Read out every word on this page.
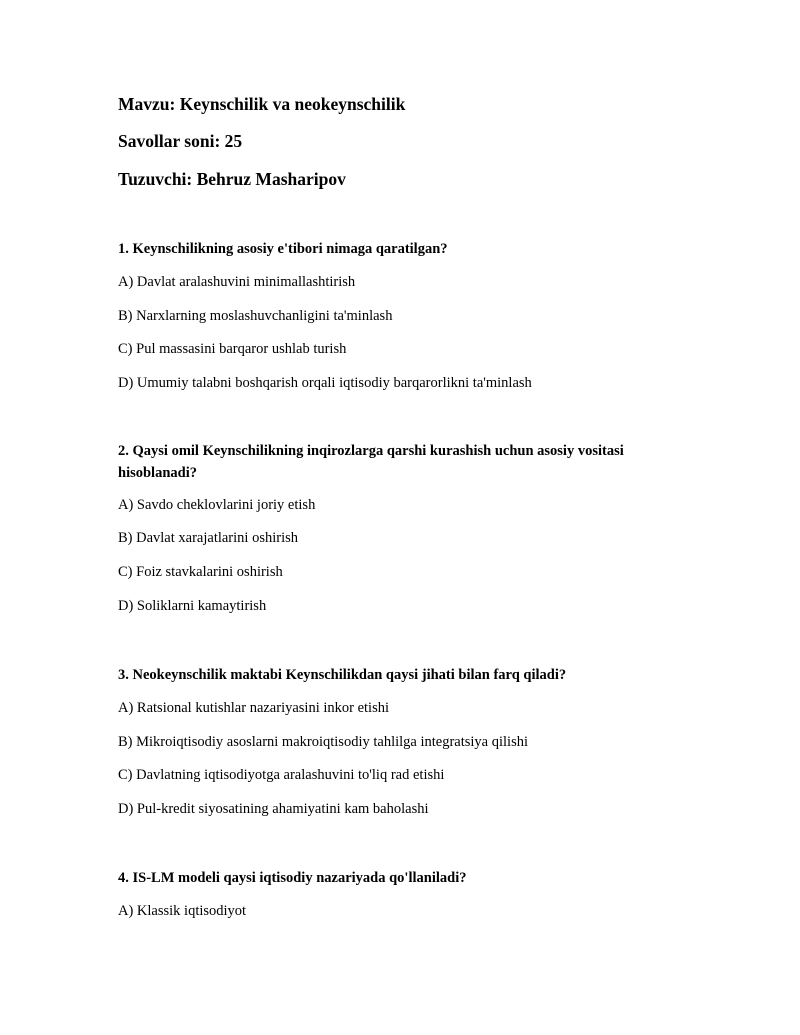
Mavzu: Keynschilik va neokeynschilik
Savollar soni: 25
Tuzuvchi: Behruz Masharipov
1. Keynschilikning asosiy e'tibori nimaga qaratilgan?
A) Davlat aralashuvini minimallashtirish
B) Narxlarning moslashuvchanligini ta'minlash
C) Pul massasini barqaror ushlab turish
D) Umumiy talabni boshqarish orqali iqtisodiy barqarorlikni ta'minlash
2. Qaysi omil Keynschilikning inqirozlarga qarshi kurashish uchun asosiy vositasi hisoblanadi?
A) Savdo cheklovlarini joriy etish
B) Davlat xarajatlarini oshirish
C) Foiz stavkalarini oshirish
D) Soliklarni kamaytirish
3. Neokeynschilik maktabi Keynschilikdan qaysi jihati bilan farq qiladi?
A) Ratsional kutishlar nazariyasini inkor etishi
B) Mikroiqtisodiy asoslarni makroiqtisodiy tahlilga integratsiya qilishi
C) Davlatning iqtisodiyotga aralashuvini to'liq rad etishi
D) Pul-kredit siyosatining ahamiyatini kam baholashi
4. IS-LM modeli qaysi iqtisodiy nazariyada qo'llaniladi?
A) Klassik iqtisodiyot
